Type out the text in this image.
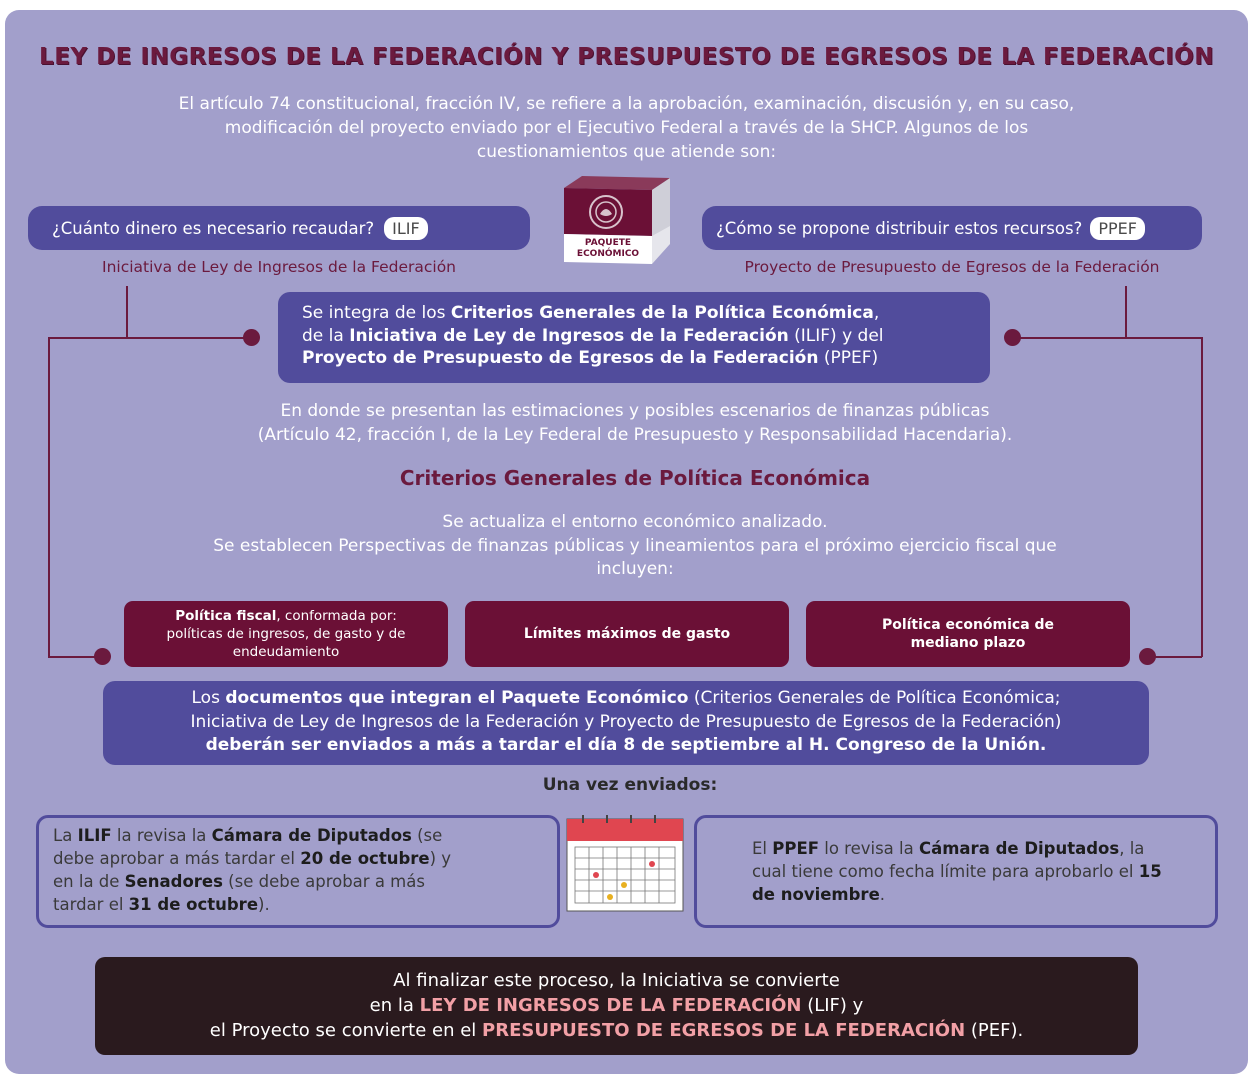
LEY DE INGRESOS DE LA FEDERACIÓN Y PRESUPUESTO DE EGRESOS DE LA FEDERACIÓN
El artículo 74 constitucional, fracción IV, se refiere a la aprobación, examinación, discusión y, en su caso,
modificación del proyecto enviado por el Ejecutivo Federal a través de la SHCP. Algunos de los
cuestionamientos que atiende son:
¿Cuánto dinero es necesario recaudar?	ILIF
Iniciativa de Ley de Ingresos de la Federación
¿Cómo se propone distribuir estos recursos?	PPEF
Proyecto de Presupuesto de Egresos de la Federación
PAQUETE
ECONÓMICO
Se integra de los Criterios Generales de la Política Económica,
de la Iniciativa de Ley de Ingresos de la Federación (ILIF) y del
Proyecto de Presupuesto de Egresos de la Federación (PPEF)
En donde se presentan las estimaciones y posibles escenarios de finanzas públicas
(Artículo 42, fracción I, de la Ley Federal de Presupuesto y Responsabilidad Hacendaria).
Criterios Generales de Política Económica
Se actualiza el entorno económico analizado.
Se establecen Perspectivas de finanzas públicas y lineamientos para el próximo ejercicio fiscal que
incluyen:
Política fiscal, conformada por:
políticas de ingresos, de gasto y de
endeudamiento
Límites máximos de gasto
Política económica de
mediano plazo
Los documentos que integran el Paquete Económico (Criterios Generales de Política Económica;
Iniciativa de Ley de Ingresos de la Federación y Proyecto de Presupuesto de Egresos de la Federación)
deberán ser enviados a más a tardar el día 8 de septiembre al H. Congreso de la Unión.
Una vez enviados:
La ILIF la revisa la Cámara de Diputados (se
debe aprobar a más tardar el 20 de octubre) y
en la de Senadores (se debe aprobar a más
tardar el 31 de octubre).
El PPEF lo revisa la Cámara de Diputados, la
cual tiene como fecha límite para aprobarlo el 15
de noviembre.
Al finalizar este proceso, la Iniciativa se convierte
en la LEY DE INGRESOS DE LA FEDERACIÓN (LIF) y
el Proyecto se convierte en el PRESUPUESTO DE EGRESOS DE LA FEDERACIÓN (PEF).
